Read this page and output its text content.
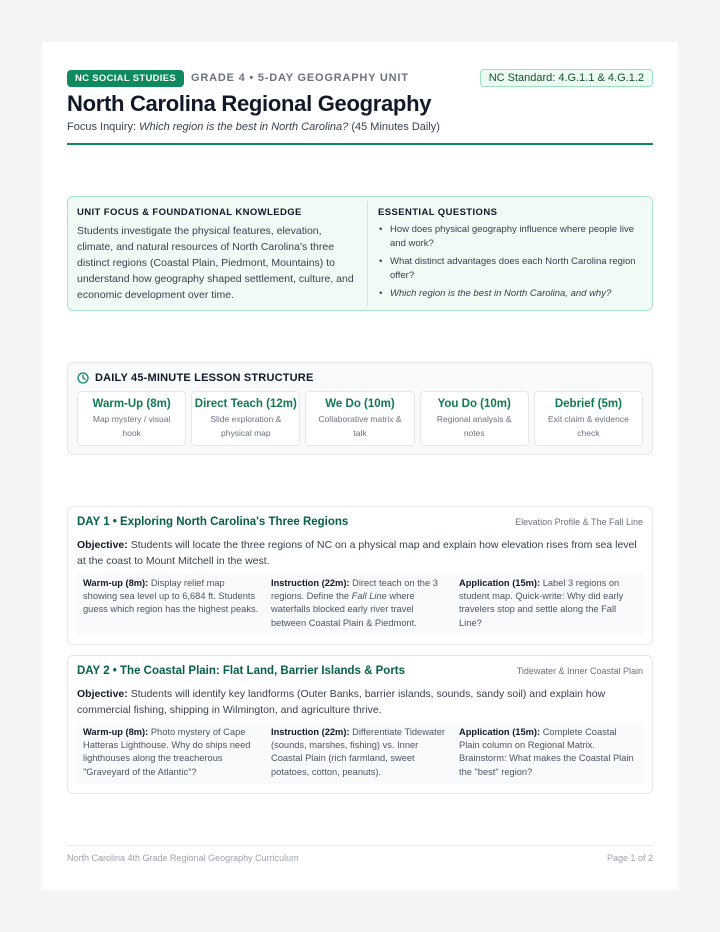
NC SOCIAL STUDIES	GRADE 4 • 5-DAY GEOGRAPHY UNIT	NC Standard: 4.G.1.1 & 4.G.1.2
North Carolina Regional Geography
Focus Inquiry: Which region is the best in North Carolina? (45 Minutes Daily)
UNIT FOCUS & FOUNDATIONAL KNOWLEDGE
Students investigate the physical features, elevation, climate, and natural resources of North Carolina's three distinct regions (Coastal Plain, Piedmont, Mountains) to understand how geography shaped settlement, culture, and economic development over time.
ESSENTIAL QUESTIONS
• How does physical geography influence where people live and work?
• What distinct advantages does each North Carolina region offer?
• Which region is the best in North Carolina, and why?
DAILY 45-MINUTE LESSON STRUCTURE
Warm-Up (8m)
Map mystery / visual hook
Direct Teach (12m)
Slide exploration & physical map
We Do (10m)
Collaborative matrix & talk
You Do (10m)
Regional analysis & notes
Debrief (5m)
Exit claim & evidence check
DAY 1 • Exploring North Carolina's Three Regions	Elevation Profile & The Fall Line
Objective: Students will locate the three regions of NC on a physical map and explain how elevation rises from sea level at the coast to Mount Mitchell in the west.
Warm-up (8m): Display relief map showing sea level up to 6,684 ft. Students guess which region has the highest peaks.
Instruction (22m): Direct teach on the 3 regions. Define the Fall Line where waterfalls blocked early river travel between Coastal Plain & Piedmont.
Application (15m): Label 3 regions on student map. Quick-write: Why did early travelers stop and settle along the Fall Line?
DAY 2 • The Coastal Plain: Flat Land, Barrier Islands & Ports	Tidewater & Inner Coastal Plain
Objective: Students will identify key landforms (Outer Banks, barrier islands, sounds, sandy soil) and explain how commercial fishing, shipping in Wilmington, and agriculture thrive.
Warm-up (8m): Photo mystery of Cape Hatteras Lighthouse. Why do ships need lighthouses along the treacherous "Graveyard of the Atlantic"?
Instruction (22m): Differentiate Tidewater (sounds, marshes, fishing) vs. Inner Coastal Plain (rich farmland, sweet potatoes, cotton, peanuts).
Application (15m): Complete Coastal Plain column on Regional Matrix. Brainstorm: What makes the Coastal Plain the "best" region?
North Carolina 4th Grade Regional Geography Curriculum	Page 1 of 2
